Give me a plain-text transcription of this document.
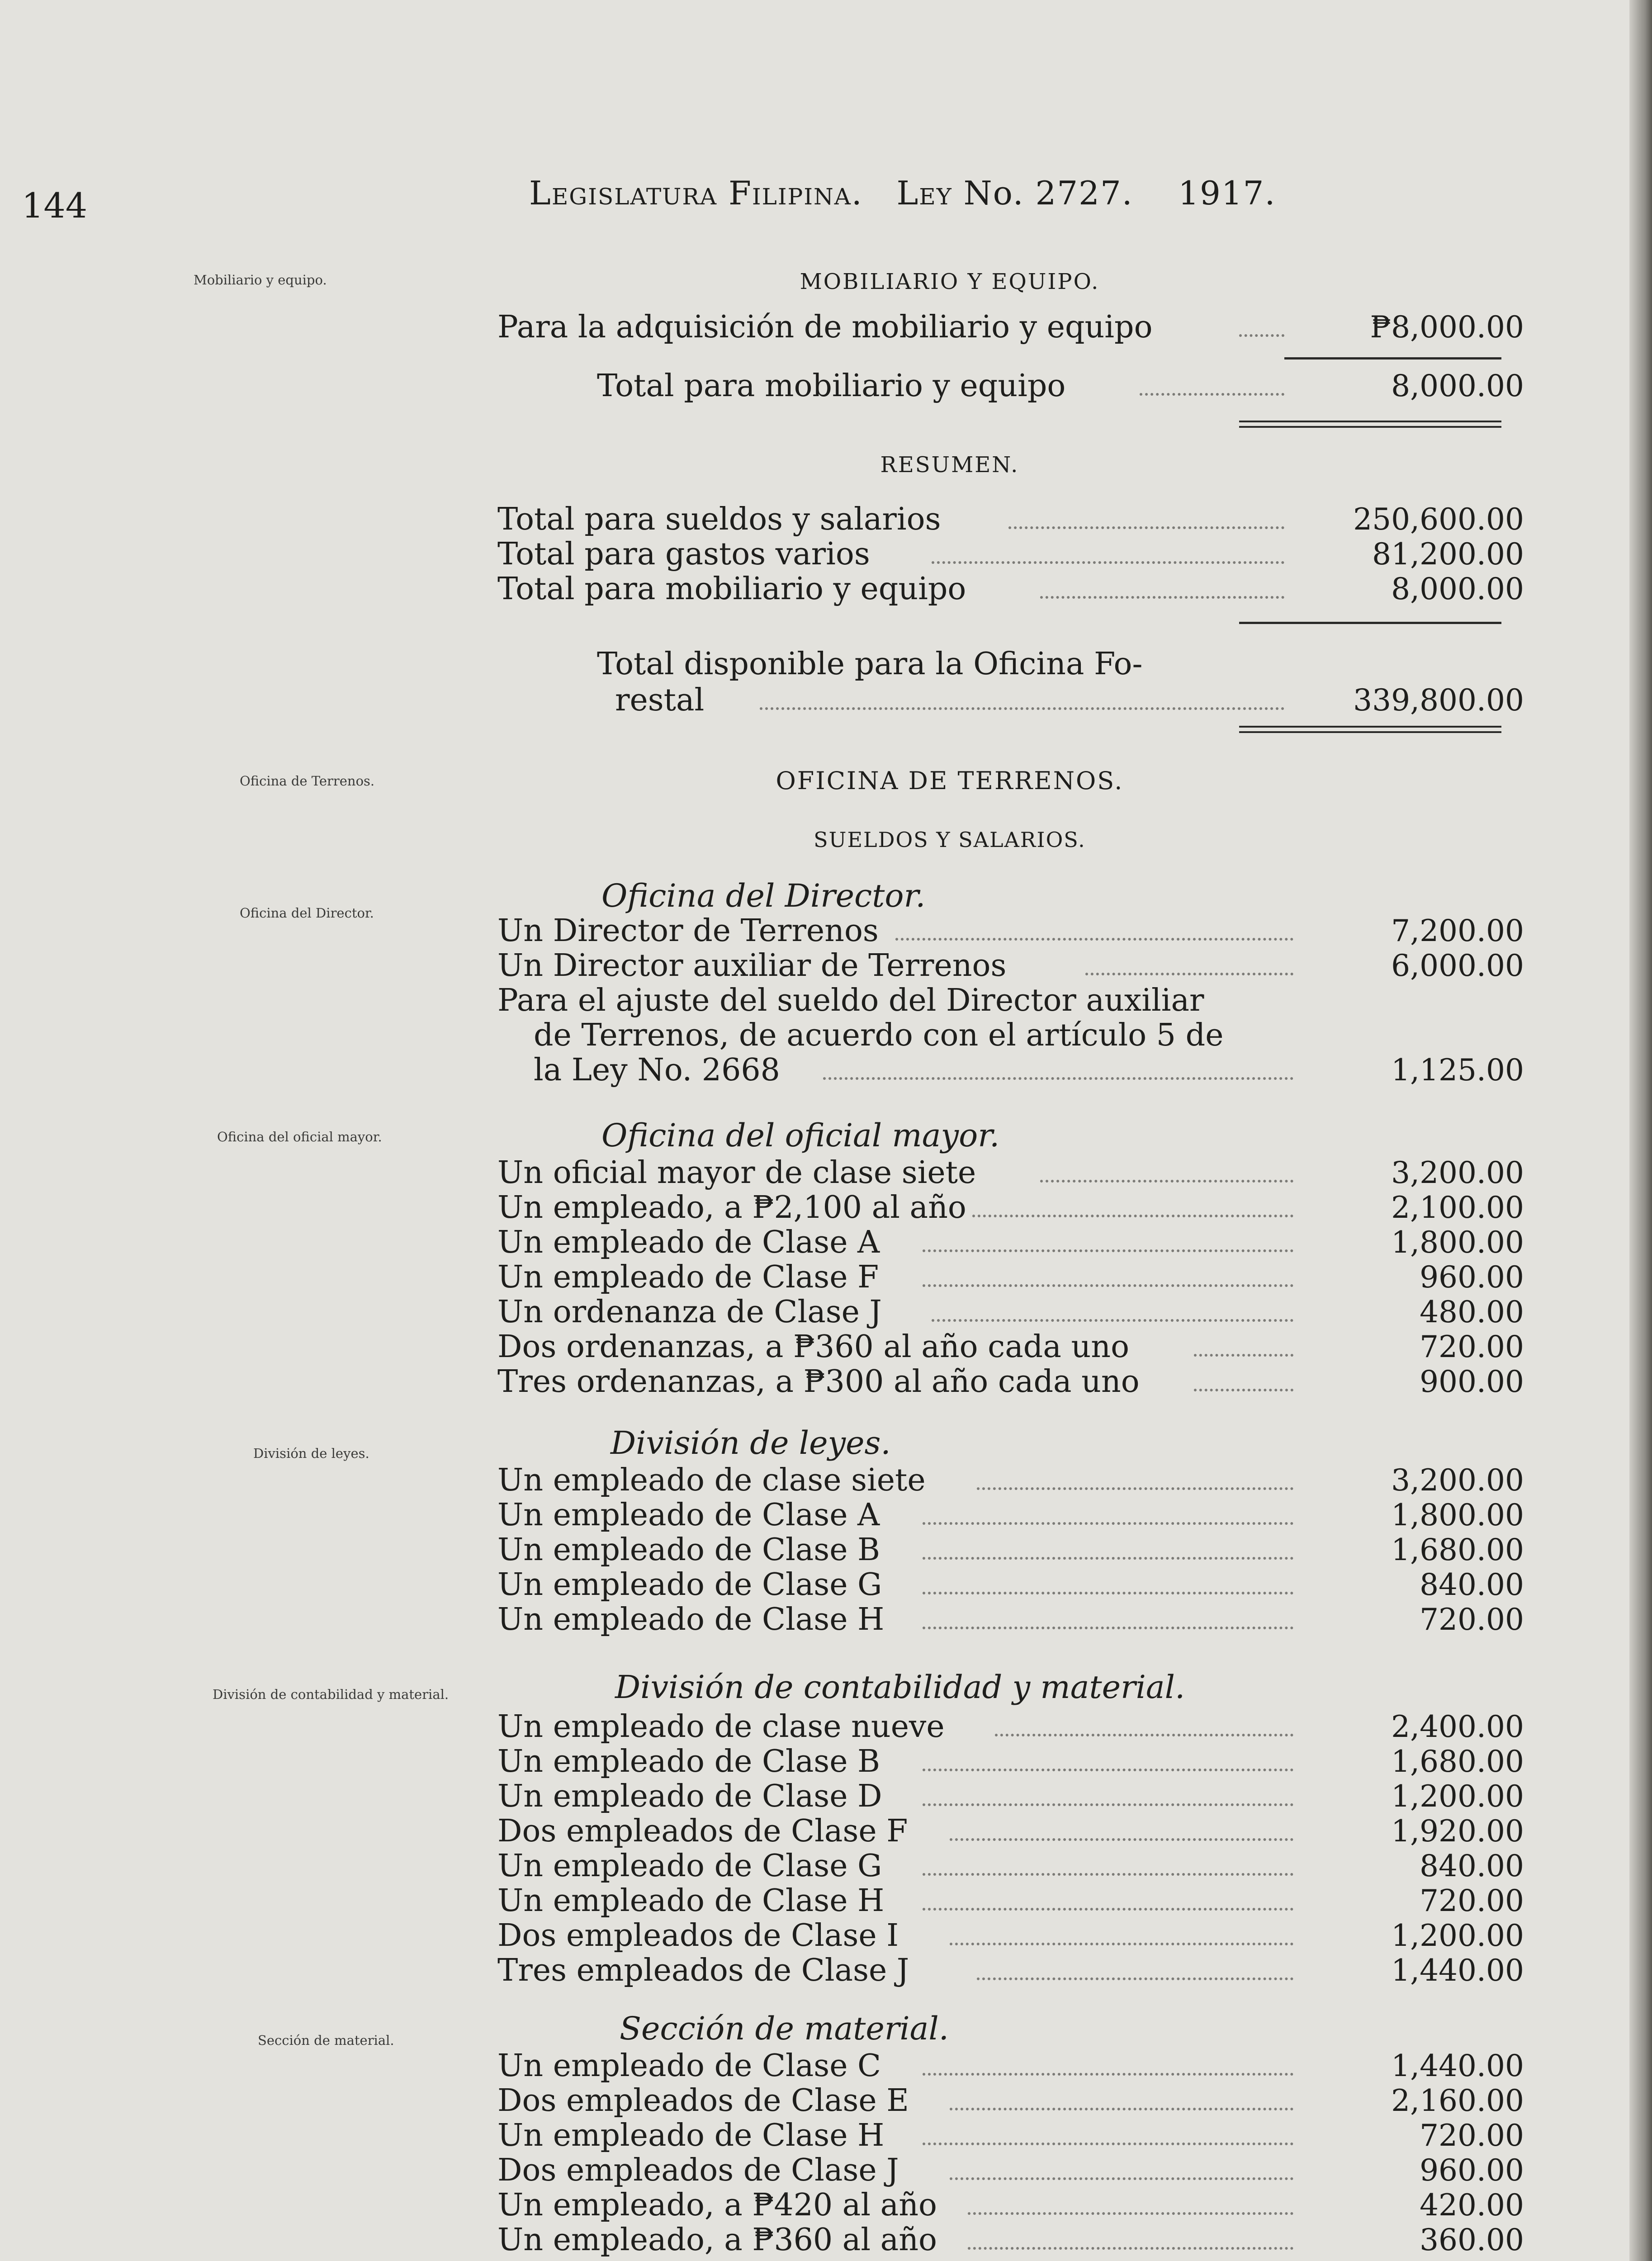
144	Legislatura Filipina. Ley No. 2727. 1917.
Mobiliario y equipo.
Oficina de Terrenos.
Oficina del Director.
Oficina del oficial mayor.
División de leyes.
División de contabilidad y material.
Sección de material.
MOBILIARIO Y EQUIPO.
Para la adquisición de mobiliario y equipo	₱8,000.00
Total para mobiliario y equipo	8,000.00
RESUMEN.
Total para sueldos y salarios	250,600.00
Total para gastos varios	81,200.00
Total para mobiliario y equipo	8,000.00
Total disponible para la Oficina Fo-
restal	339,800.00
OFICINA DE TERRENOS.
SUELDOS Y SALARIOS.
Oficina del Director.
Un Director de Terrenos	7,200.00
Un Director auxiliar de Terrenos	6,000.00
Para el ajuste del sueldo del Director auxiliar
de Terrenos, de acuerdo con el artículo 5 de
la Ley No. 2668	1,125.00
Oficina del oficial mayor.
Un oficial mayor de clase siete	3,200.00
Un empleado, a ₱2,100 al año	2,100.00
Un empleado de Clase A	1,800.00
Un empleado de Clase F	960.00
Un ordenanza de Clase J	480.00
Dos ordenanzas, a ₱360 al año cada uno	720.00
Tres ordenanzas, a ₱300 al año cada uno	900.00
División de leyes.
Un empleado de clase siete	3,200.00
Un empleado de Clase A	1,800.00
Un empleado de Clase B	1,680.00
Un empleado de Clase G	840.00
Un empleado de Clase H	720.00
División de contabilidad y material.
Un empleado de clase nueve	2,400.00
Un empleado de Clase B	1,680.00
Un empleado de Clase D	1,200.00
Dos empleados de Clase F	1,920.00
Un empleado de Clase G	840.00
Un empleado de Clase H	720.00
Dos empleados de Clase I	1,200.00
Tres empleados de Clase J	1,440.00
Sección de material.
Un empleado de Clase C	1,440.00
Dos empleados de Clase E	2,160.00
Un empleado de Clase H	720.00
Dos empleados de Clase J	960.00
Un empleado, a ₱420 al año	420.00
Un empleado, a ₱360 al año	360.00
